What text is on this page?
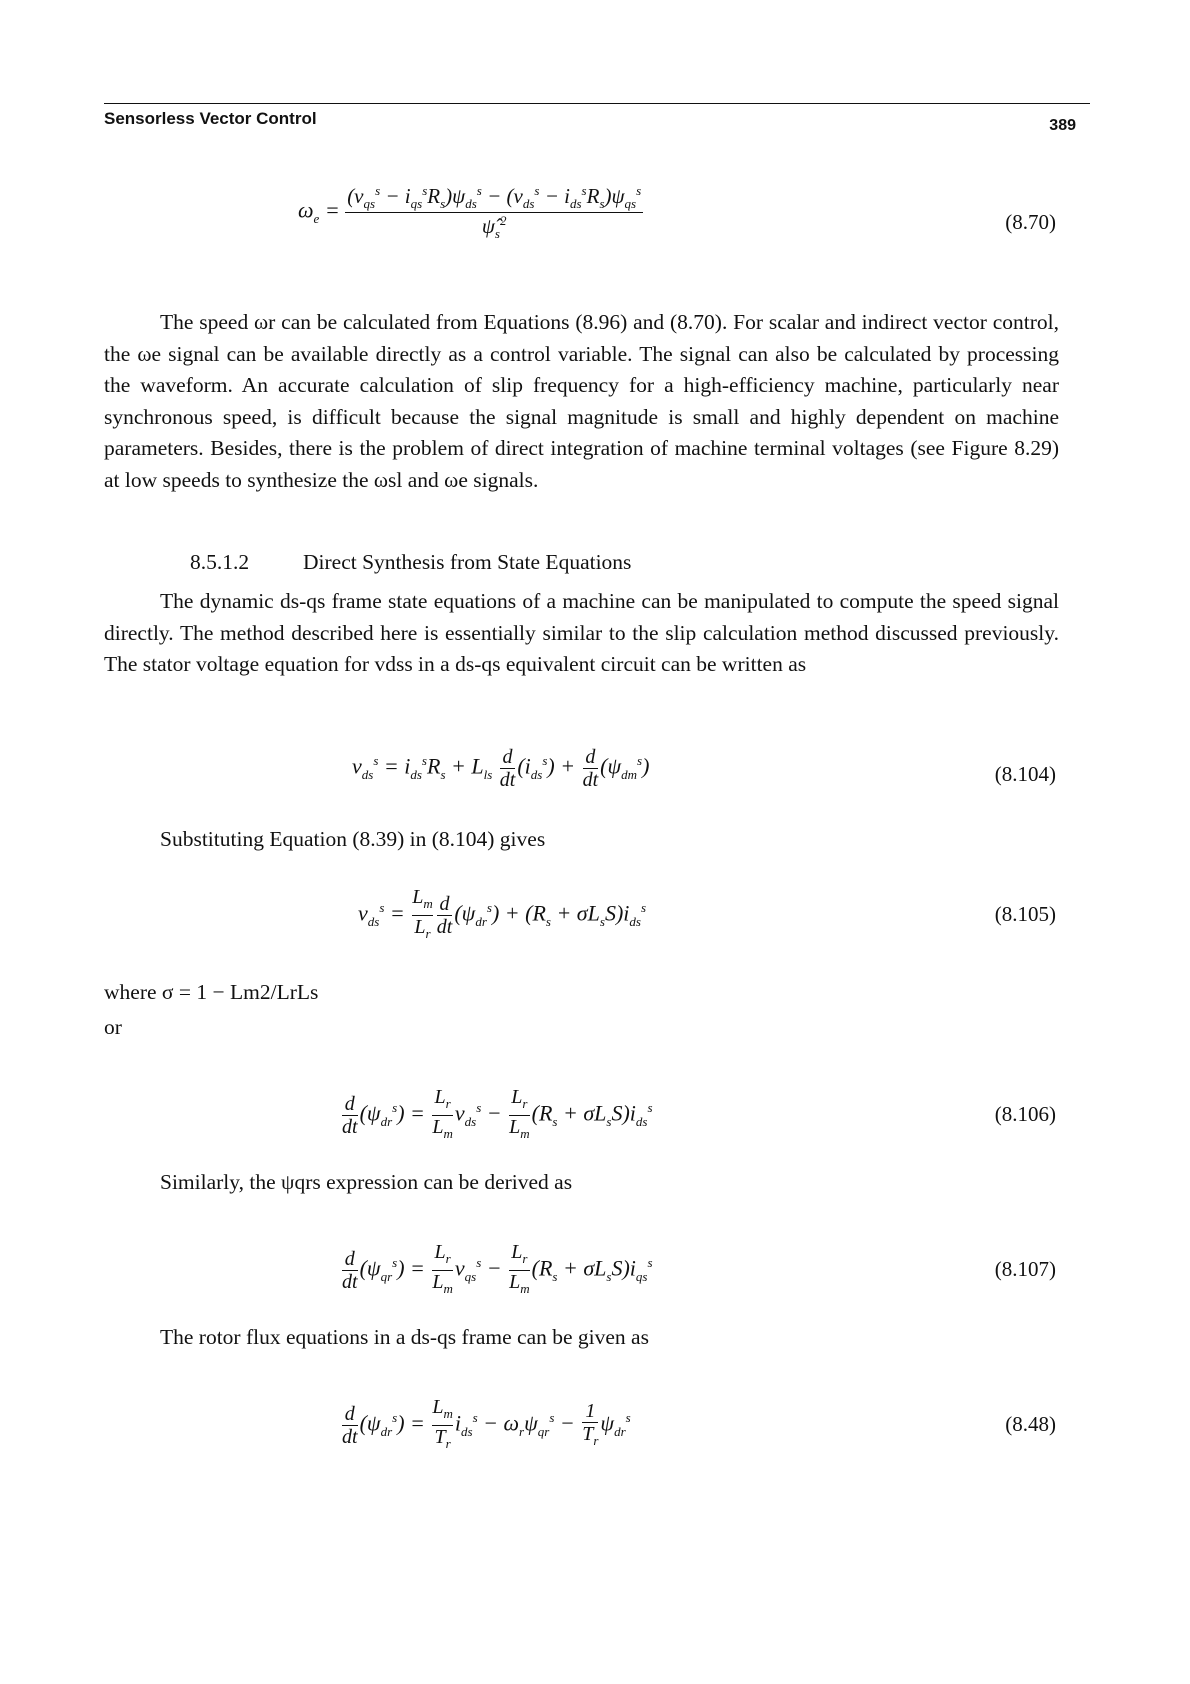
Sensorless Vector Control	389
$\omega_e = \frac{(v_{qs}^s - i_{qs}^sR_s)\psi_{ds}^s - (v_{ds}^s - i_{ds}^sR_s)\psi_{qs}^s}{\psî_s^2}$	(8.70)
The speed ωr can be calculated from Equations (8.96) and (8.70). For scalar and indirect vector control, the ωe signal can be available directly as a control variable. The signal can also be calculated by processing the waveform. An accurate calculation of slip frequency for a high-efficiency machine, particularly near synchronous speed, is difficult because the signal magnitude is small and highly dependent on machine parameters. Besides, there is the problem of direct integration of machine terminal voltages (see Figure 8.29) at low speeds to synthesize the ωsl and ωe signals.
8.5.1.2	Direct Synthesis from State Equations
The dynamic ds-qs frame state equations of a machine can be manipulated to compute the speed signal directly. The method described here is essentially similar to the slip calculation method discussed previously. The stator voltage equation for vdss in a ds-qs equivalent circuit can be written as
$v_{ds}^s = i_{ds}^sR_s + L_{ls} \frac{d}{dt} (i_{ds}^s) + \frac{d}{dt} (\psi_{dm}^s)$	(8.104)
Substituting Equation (8.39) in (8.104) gives
$v_{ds}^s = \frac{L_m}{L_r} \frac{d}{dt} (\psi_{dr}^s) + (R_s + \sigma L_sS)i_{ds}^s$	(8.105)
where σ = 1 − Lm2/LrLs
or
$\frac{d}{dt} (\psi_{dr}^s) = \frac{L_r}{L_m} v_{ds}^s - \frac{L_r}{L_m} (R_s + \sigma L_sS)i_{ds}^s$	(8.106)
Similarly, the ψqrs expression can be derived as
$\frac{d}{dt} (\psi_{qr}^s) = \frac{L_r}{L_m} v_{qs}^s - \frac{L_r}{L_m} (R_s + \sigma L_sS)i_{qs}^s$	(8.107)
The rotor flux equations in a ds-qs frame can be given as
$\frac{d}{dt} (\psi_{dr}^s) = \frac{L_m}{T_r} i_{ds}^s - \omega_r\psi_{qr}^s - \frac{1}{T_r} \psi_{dr}^s$	(8.48)
